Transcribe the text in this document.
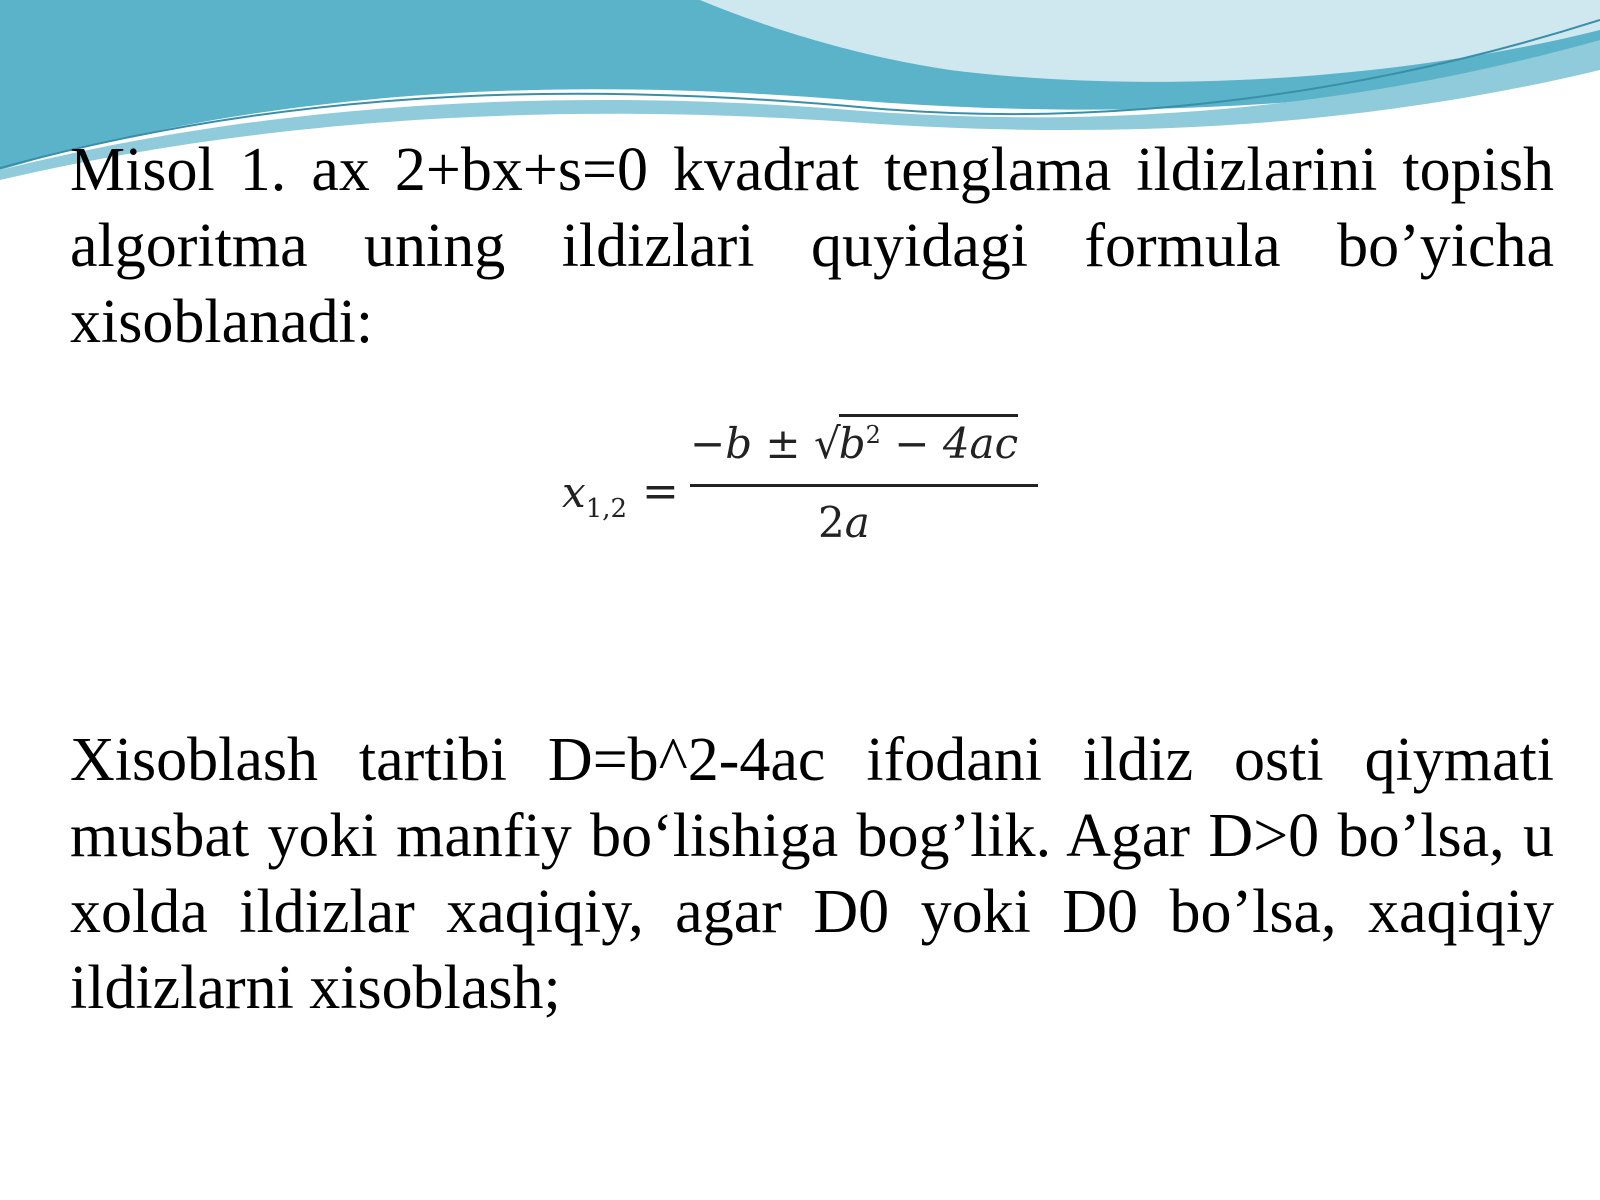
Misol 1. ax 2+bx+s=0 kvadrat tenglama ildizlarini topish algoritma uning ildizlari quyidagi formula bo’yicha xisoblanadi:

$x_{1,2}$ =
$-b \pm √b^2 - 4ac$
2a

Xisoblash tartibi D=b^2-4ac ifodani ildiz osti qiymati musbat yoki manfiy bo‘lishiga bog’lik. Agar D>0 bo’lsa, u xolda ildizlar xaqiqiy, agar D0 yoki D0 bo’lsa, xaqiqiy ildizlarni xisoblash;
